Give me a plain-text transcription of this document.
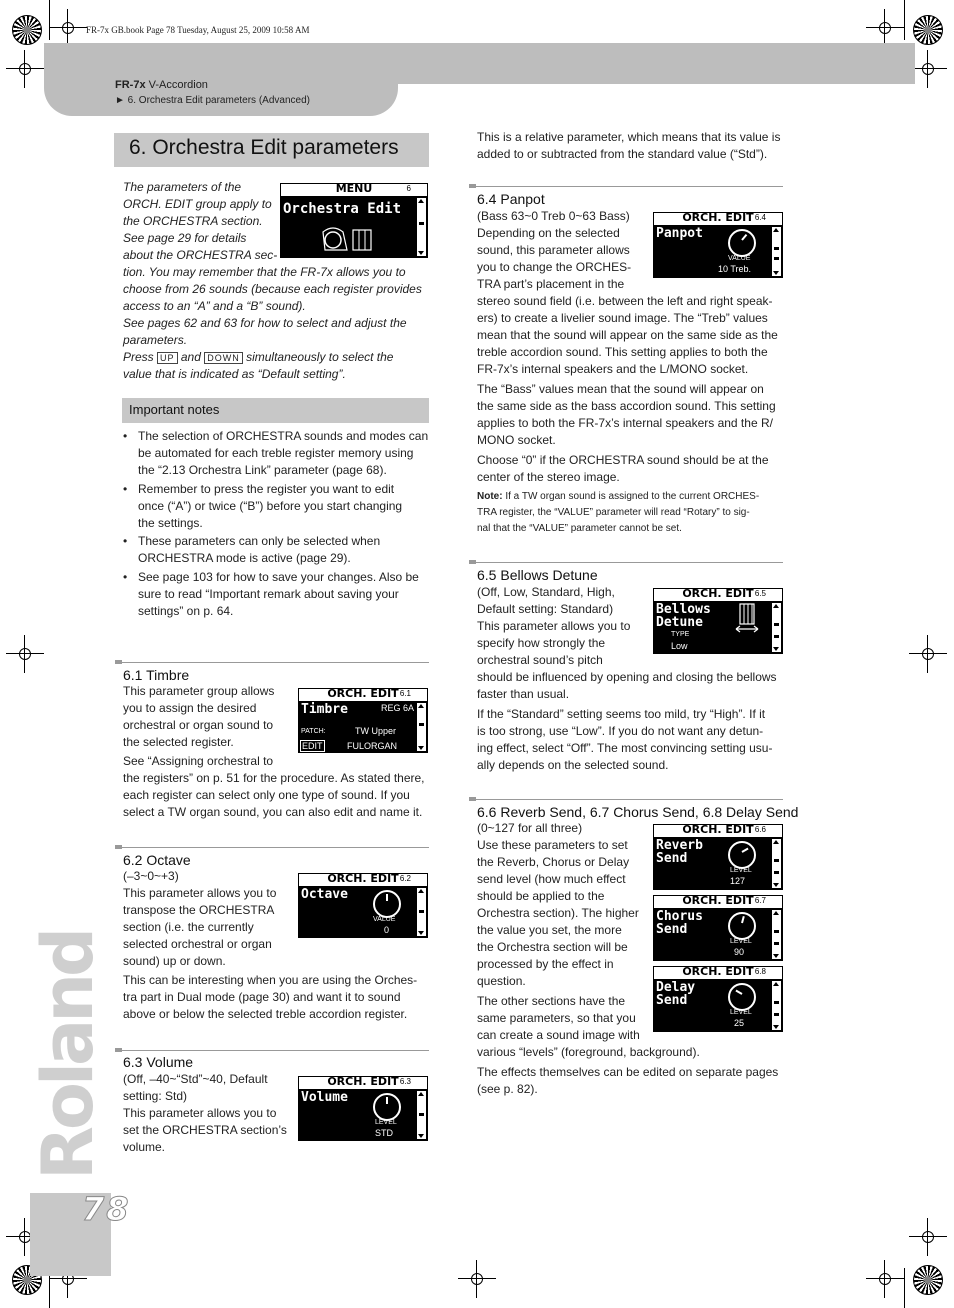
FR-7x GB.book Page 78 Tuesday, August 25, 2009 10:58 AM
FR-7x V-Accordion
► 6. Orchestra Edit parameters (Advanced)
Roland
78
6. Orchestra Edit parameters
The parameters of the
ORCH. EDIT group apply to
the ORCHESTRA section.
See page 29 for details
about the ORCHESTRA sec-
tion. You may remember that the FR-7x allows you to
choose from 26 sounds (because each register provides
access to an “A” and a “B” sound).
See pages 62 and 63 for how to select and adjust the
parameters.
Press UP and DOWN simultaneously to select the
value that is indicated as “Default setting”.
MENU	6
Orchestra Edit
Important notes
• The selection of ORCHESTRA sounds and modes can
be automated for each treble register memory using
the “2.13 Orchestra Link” parameter (page 68).
• Remember to press the register you want to edit
once (“A”) or twice (“B”) before you start changing
the settings.
• These parameters can only be selected when
ORCHESTRA mode is active (page 29).
• See page 103 for how to save your changes. Also be
sure to read “Important remark about saving your
settings” on p. 64.
6.1 Timbre
This parameter group allows
you to assign the desired
orchestral or organ sound to
the selected register.
See “Assigning orchestral to
the registers” on p. 51 for the procedure. As stated there,
each register can select only one type of sound. If you
select a TW organ sound, you can also edit and name it.
ORCH. EDIT 6.1
Timbre	REG 6A
PATCH:	TW Upper
EDIT	FULORGAN
6.2 Octave
(–3~0~+3)
This parameter allows you to
transpose the ORCHESTRA
section (i.e. the currently
selected orchestral or organ
sound) up or down.
This can be interesting when you are using the Orches-
tra part in Dual mode (page 30) and want it to sound
above or below the selected treble accordion register.
ORCH. EDIT 6.2
Octave
VALUE
0
6.3 Volume
(Off, –40~“Std”~40, Default
setting: Std)
This parameter allows you to
set the ORCHESTRA section’s
volume.
ORCH. EDIT 6.3
Volume
LEVEL
STD
This is a relative parameter, which means that its value is
added to or subtracted from the standard value (“Std”).
6.4 Panpot
(Bass 63~0 Treb 0~63 Bass)
Depending on the selected
sound, this parameter allows
you to change the ORCHES-
TRA part’s placement in the
stereo sound field (i.e. between the left and right speak-
ers) to create a livelier sound image. The “Treb” values
mean that the sound will appear on the same side as the
treble accordion sound. This setting applies to both the
FR-7x’s internal speakers and the L/MONO socket.
The “Bass” values mean that the sound will appear on
the same side as the bass accordion sound. This setting
applies to both the FR-7x’s internal speakers and the R/
MONO socket.
Choose “0” if the ORCHESTRA sound should be at the
center of the stereo image.
Note: If a TW organ sound is assigned to the current ORCHES-
TRA register, the “VALUE” parameter will read “Rotary” to sig-
nal that the “VALUE” parameter cannot be set.
ORCH. EDIT 6.4
Panpot
VALUE
10 Treb.
6.5 Bellows Detune
(Off, Low, Standard, High,
Default setting: Standard)
This parameter allows you to
specify how strongly the
orchestral sound’s pitch
should be influenced by opening and closing the bellows
faster than usual.
If the “Standard” setting seems too mild, try “High”. If it
is too strong, use “Low”. If you do not want any detun-
ing effect, select “Off”. The most convincing setting usu-
ally depends on the selected sound.
ORCH. EDIT 6.5
Bellows
Detune
TYPE
Low
6.6 Reverb Send, 6.7 Chorus Send, 6.8 Delay Send
(0~127 for all three)
Use these parameters to set
the Reverb, Chorus or Delay
send level (how much effect
should be applied to the
Orchestra section). The higher
the value you set, the more
the Orchestra section will be
processed by the effect in
question.
The other sections have the
same parameters, so that you
can create a sound image with
various “levels” (foreground, background).
The effects themselves can be edited on separate pages
(see p. 82).
ORCH. EDIT 6.6
Reverb
Send
LEVEL
127
ORCH. EDIT 6.7
Chorus
Send
LEVEL
90
ORCH. EDIT 6.8
Delay
Send
LEVEL
25
